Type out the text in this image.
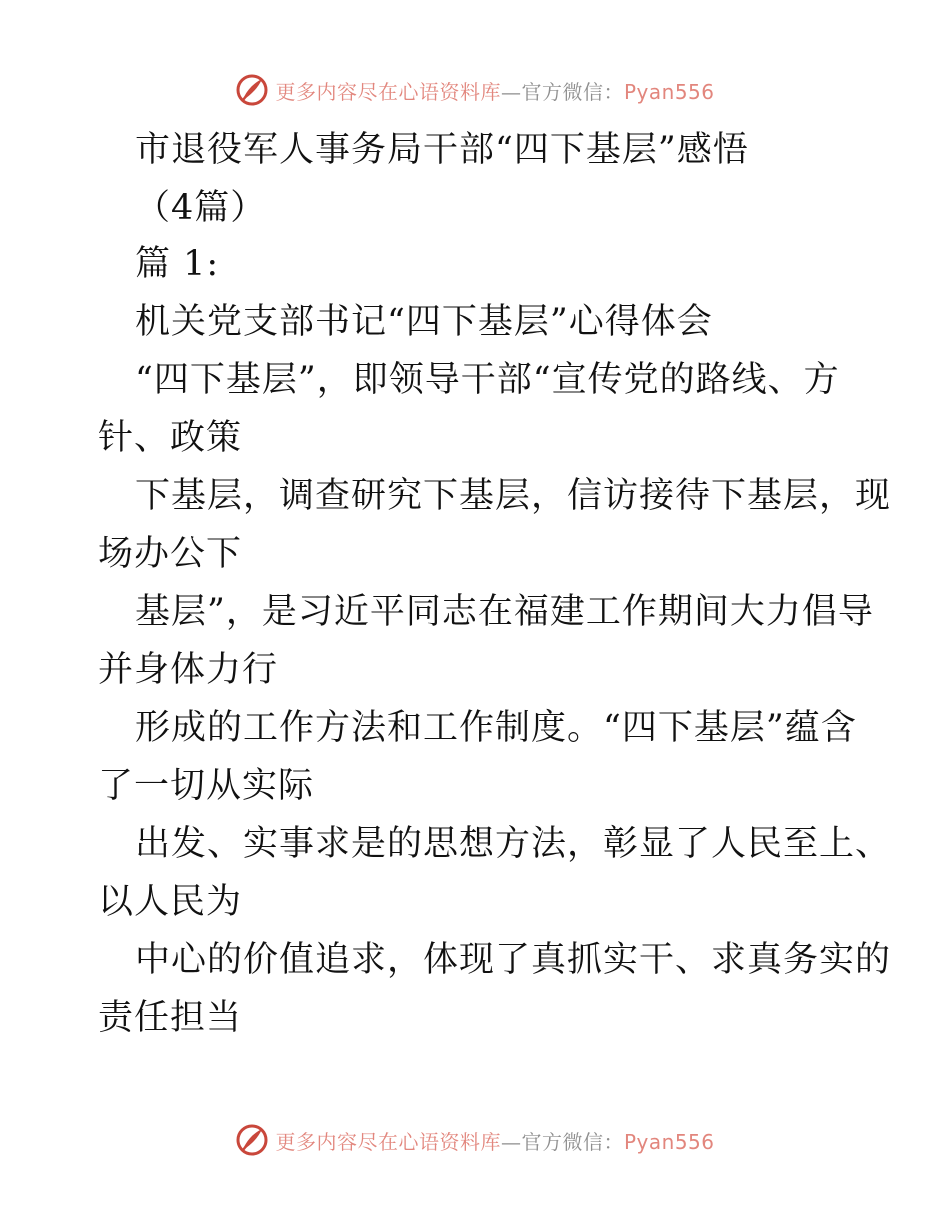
更多内容尽在心语资料库—官方微信：Pyan556
市退役军人事务局干部“四下基层”感悟
（4篇）
篇 1:
机关党支部书记“四下基层”心得体会
“四下基层”，即领导干部“宣传党的路线、方
针、政策
下基层，调查研究下基层，信访接待下基层，现
场办公下
基层”，是习近平同志在福建工作期间大力倡导
并身体力行
形成的工作方法和工作制度。“四下基层”蕴含
了一切从实际
出发、实事求是的思想方法，彰显了人民至上、
以人民为
中心的价值追求，体现了真抓实干、求真务实的
责任担当
更多内容尽在心语资料库—官方微信：Pyan556
